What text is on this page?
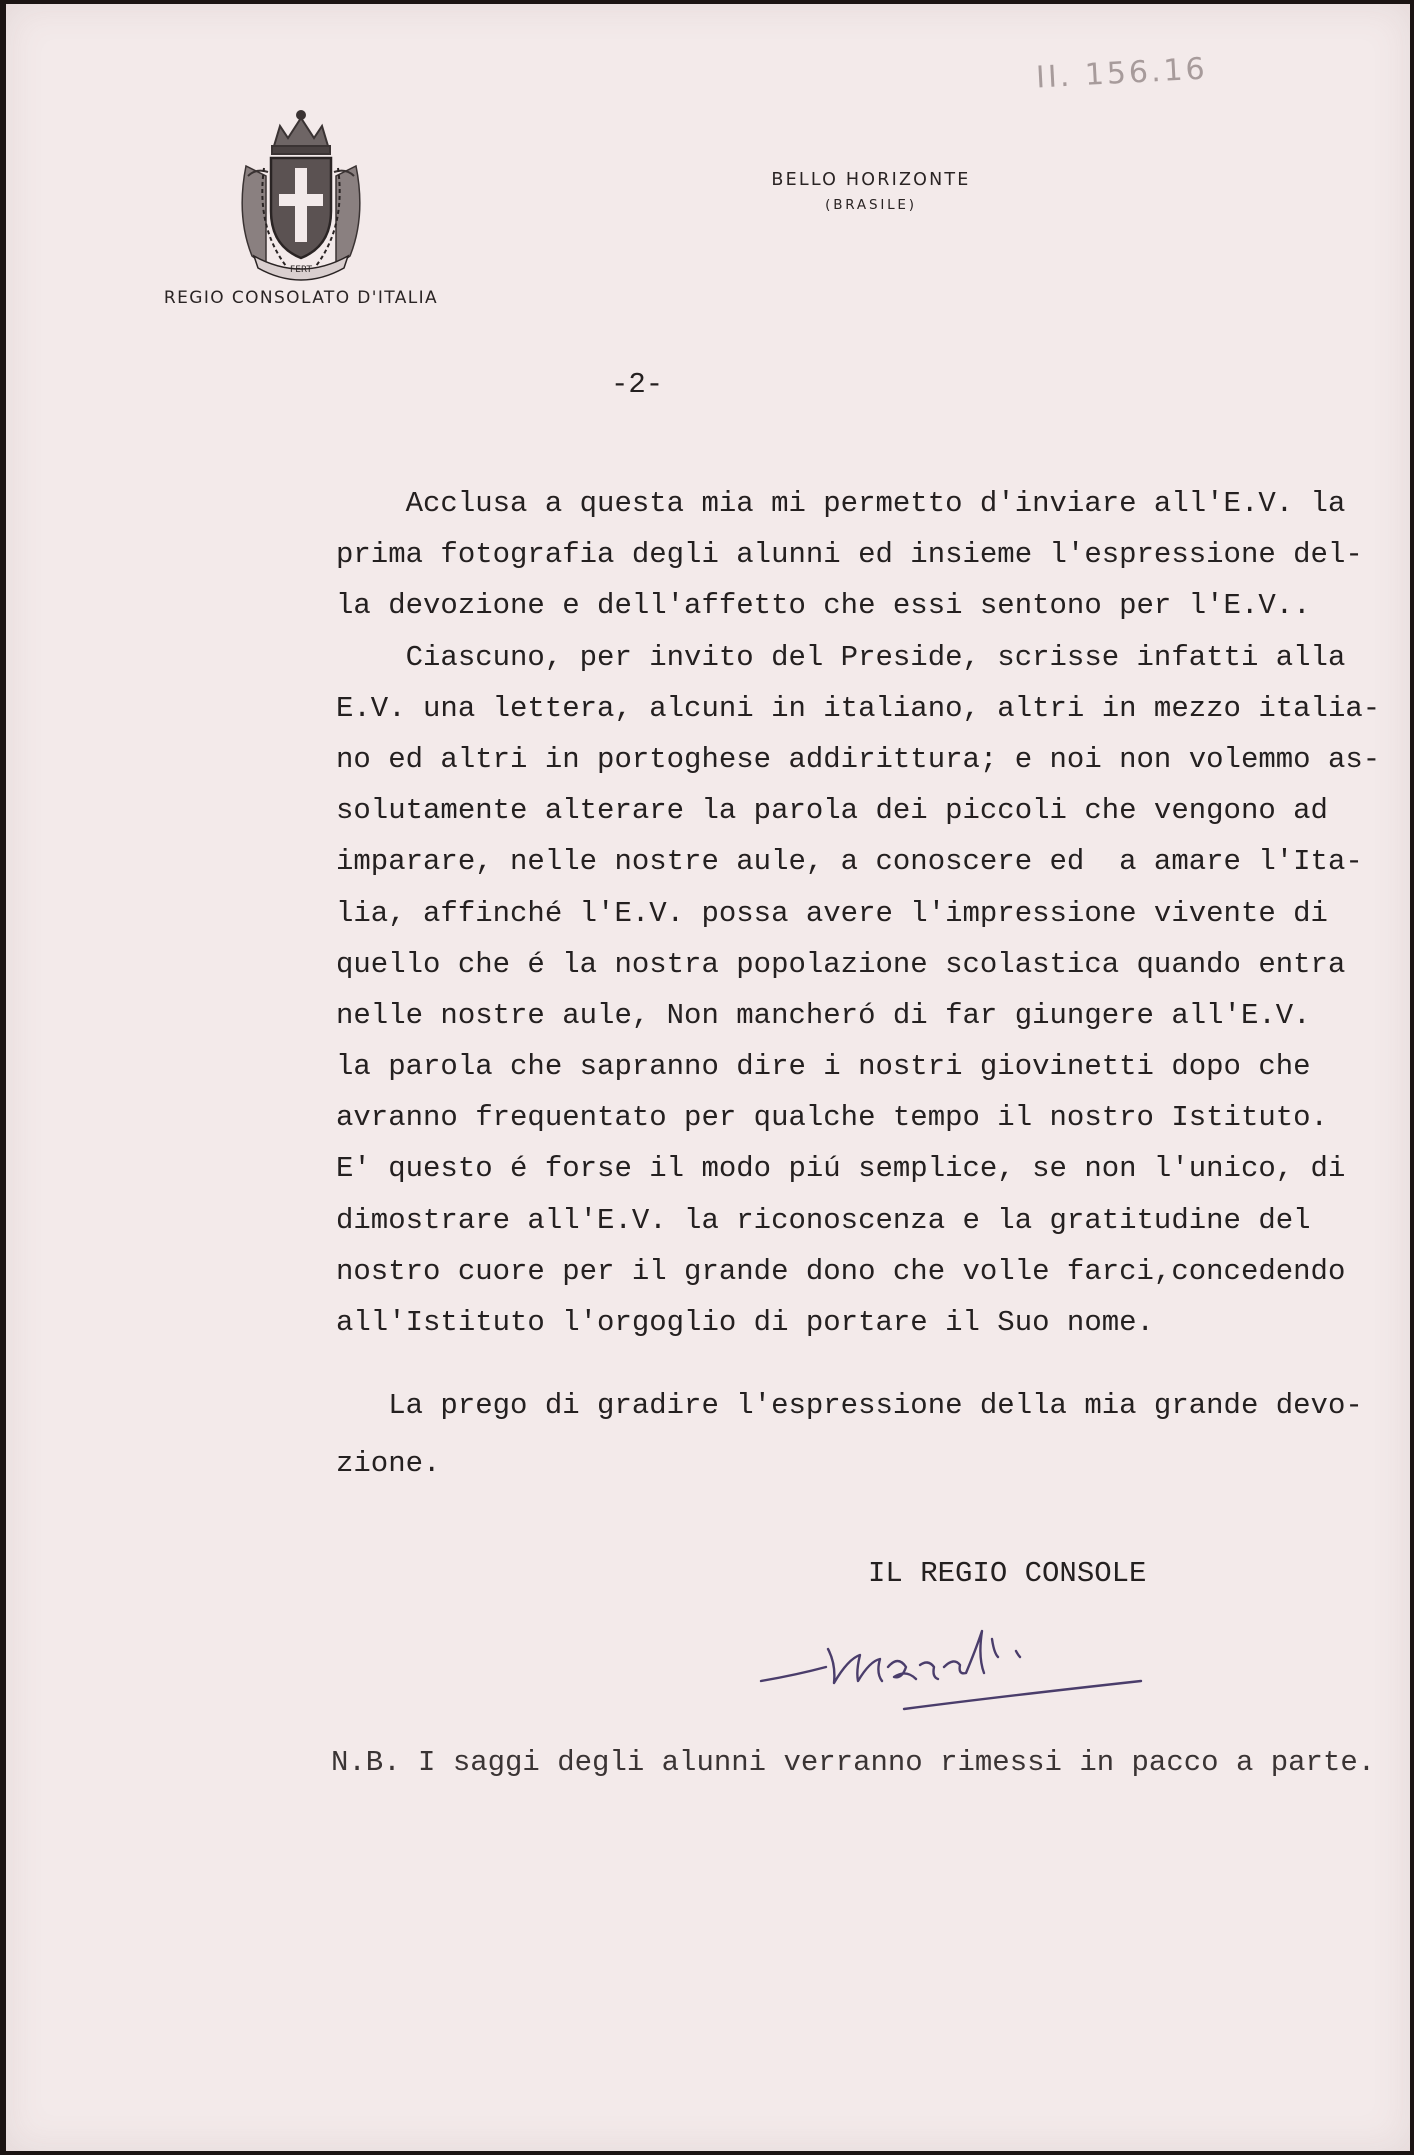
II. 156.16
FERT
REGIO CONSOLATO D'ITALIA
BELLO HORIZONTE
(BRASILE)
-2-
Acclusa a questa mia mi permetto d'inviare all'E.V. la
prima fotografia degli alunni ed insieme l'espressione del-
la devozione e dell'affetto che essi sentono per l'E.V..
Ciascuno, per invito del Preside, scrisse infatti alla
E.V. una lettera, alcuni in italiano, altri in mezzo italia-
no ed altri in portoghese addirittura; e noi non volemmo as-
solutamente alterare la parola dei piccoli che vengono ad
imparare, nelle nostre aule, a conoscere ed  a amare l'Ita-
lia, affinché l'E.V. possa avere l'impressione vivente di
quello che é la nostra popolazione scolastica quando entra
nelle nostre aule, Non mancheró di far giungere all'E.V.
la parola che sapranno dire i nostri giovinetti dopo che
avranno frequentato per qualche tempo il nostro Istituto.
E' questo é forse il modo piú semplice, se non l'unico, di
dimostrare all'E.V. la riconoscenza e la gratitudine del
nostro cuore per il grande dono che volle farci,concedendo
all'Istituto l'orgoglio di portare il Suo nome.
La prego di gradire l'espressione della mia grande devo-
zione.
IL REGIO CONSOLE
N.B. I saggi degli alunni verranno rimessi in pacco a parte.
